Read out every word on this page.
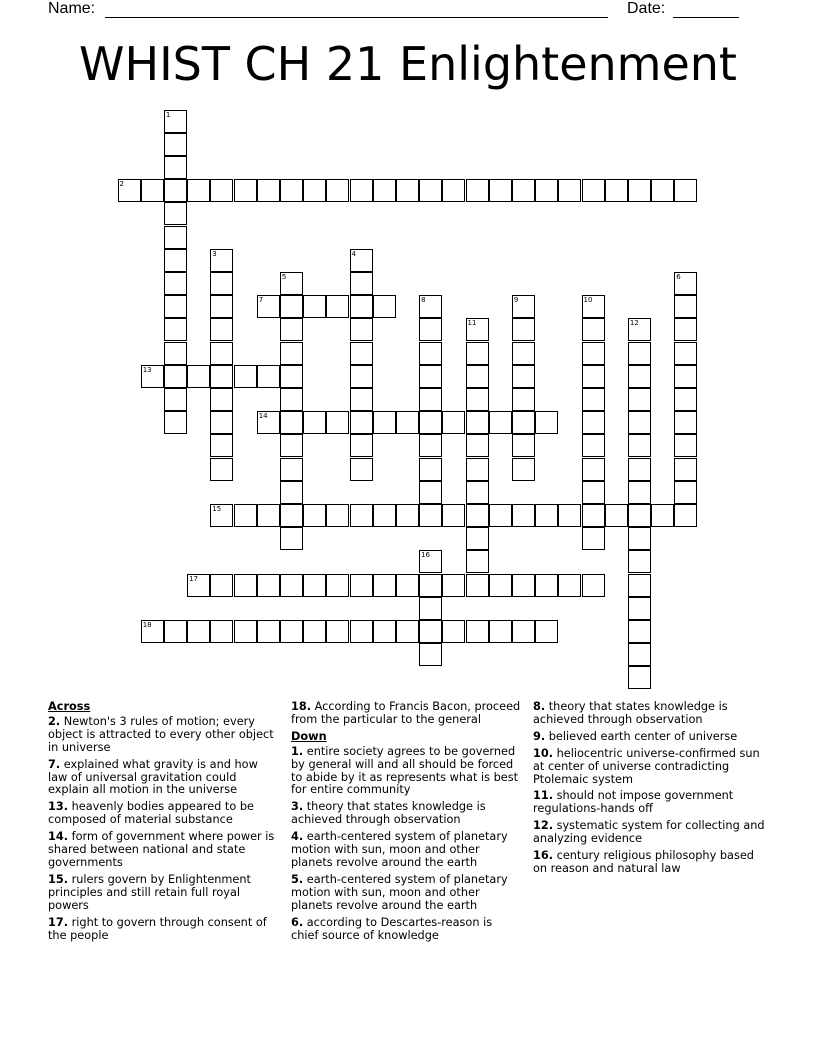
Name:	Date:
WHIST CH 21 Enlightenment
1
2
3	4
5	6
7	8	9	10
11	12
13
14
15
16
17
18
Across
2. Newton's 3 rules of motion; every object is attracted to every other object in universe
7. explained what gravity is and how law of universal gravitation could explain all motion in the universe
13. heavenly bodies appeared to be composed of material substance
14. form of government where power is shared between national and state governments
15. rulers govern by Enlightenment principles and still retain full royal powers
17. right to govern through consent of the people
18. According to Francis Bacon, proceed from the particular to the general
Down
1. entire society agrees to be governed by general will and all should be forced to abide by it as represents what is best for entire community
3. theory that states knowledge is achieved through observation
4. earth-centered system of planetary motion with sun, moon and other planets revolve around the earth
5. earth-centered system of planetary motion with sun, moon and other planets revolve around the earth
6. according to Descartes-reason is chief source of knowledge
8. theory that states knowledge is achieved through observation
9. believed earth center of universe
10. heliocentric universe-confirmed sun at center of universe contradicting Ptolemaic system
11. should not impose government regulations-hands off
12. systematic system for collecting and analyzing evidence
16. century religious philosophy based on reason and natural law
